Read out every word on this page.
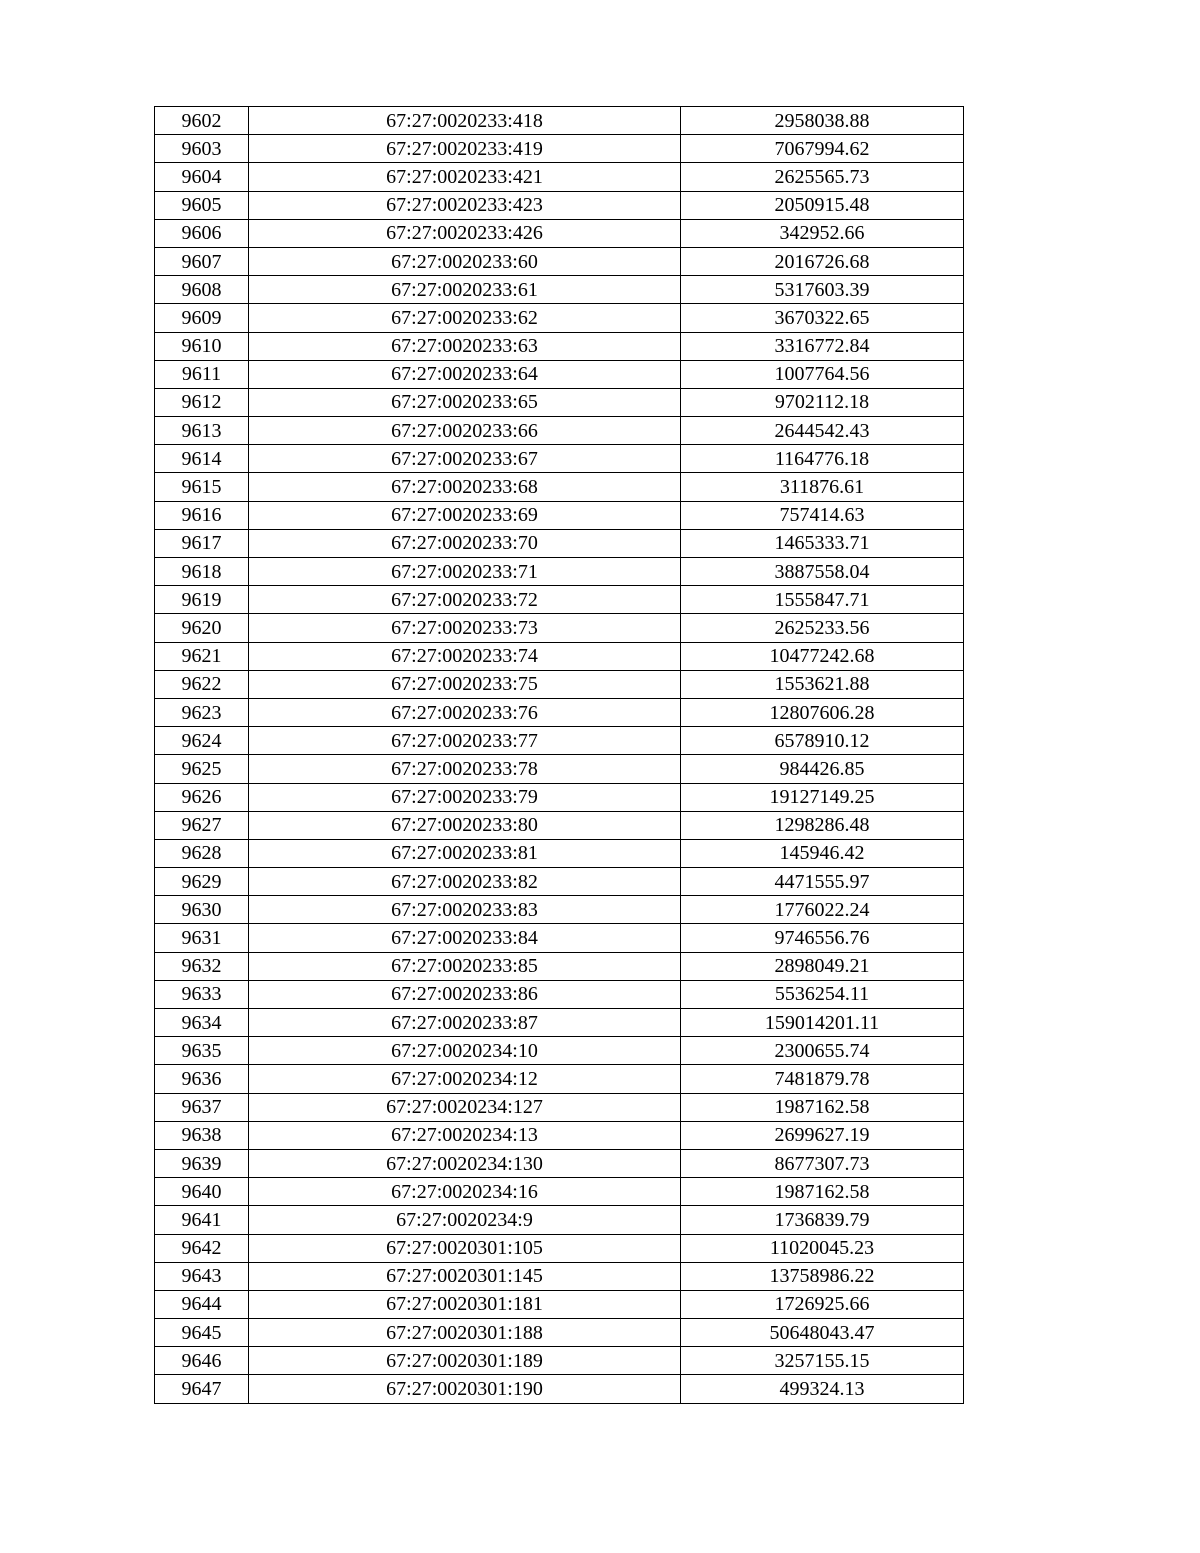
9602	67:27:0020233:418	2958038.88
9603	67:27:0020233:419	7067994.62
9604	67:27:0020233:421	2625565.73
9605	67:27:0020233:423	2050915.48
9606	67:27:0020233:426	342952.66
9607	67:27:0020233:60	2016726.68
9608	67:27:0020233:61	5317603.39
9609	67:27:0020233:62	3670322.65
9610	67:27:0020233:63	3316772.84
9611	67:27:0020233:64	1007764.56
9612	67:27:0020233:65	9702112.18
9613	67:27:0020233:66	2644542.43
9614	67:27:0020233:67	1164776.18
9615	67:27:0020233:68	311876.61
9616	67:27:0020233:69	757414.63
9617	67:27:0020233:70	1465333.71
9618	67:27:0020233:71	3887558.04
9619	67:27:0020233:72	1555847.71
9620	67:27:0020233:73	2625233.56
9621	67:27:0020233:74	10477242.68
9622	67:27:0020233:75	1553621.88
9623	67:27:0020233:76	12807606.28
9624	67:27:0020233:77	6578910.12
9625	67:27:0020233:78	984426.85
9626	67:27:0020233:79	19127149.25
9627	67:27:0020233:80	1298286.48
9628	67:27:0020233:81	145946.42
9629	67:27:0020233:82	4471555.97
9630	67:27:0020233:83	1776022.24
9631	67:27:0020233:84	9746556.76
9632	67:27:0020233:85	2898049.21
9633	67:27:0020233:86	5536254.11
9634	67:27:0020233:87	159014201.11
9635	67:27:0020234:10	2300655.74
9636	67:27:0020234:12	7481879.78
9637	67:27:0020234:127	1987162.58
9638	67:27:0020234:13	2699627.19
9639	67:27:0020234:130	8677307.73
9640	67:27:0020234:16	1987162.58
9641	67:27:0020234:9	1736839.79
9642	67:27:0020301:105	11020045.23
9643	67:27:0020301:145	13758986.22
9644	67:27:0020301:181	1726925.66
9645	67:27:0020301:188	50648043.47
9646	67:27:0020301:189	3257155.15
9647	67:27:0020301:190	499324.13
